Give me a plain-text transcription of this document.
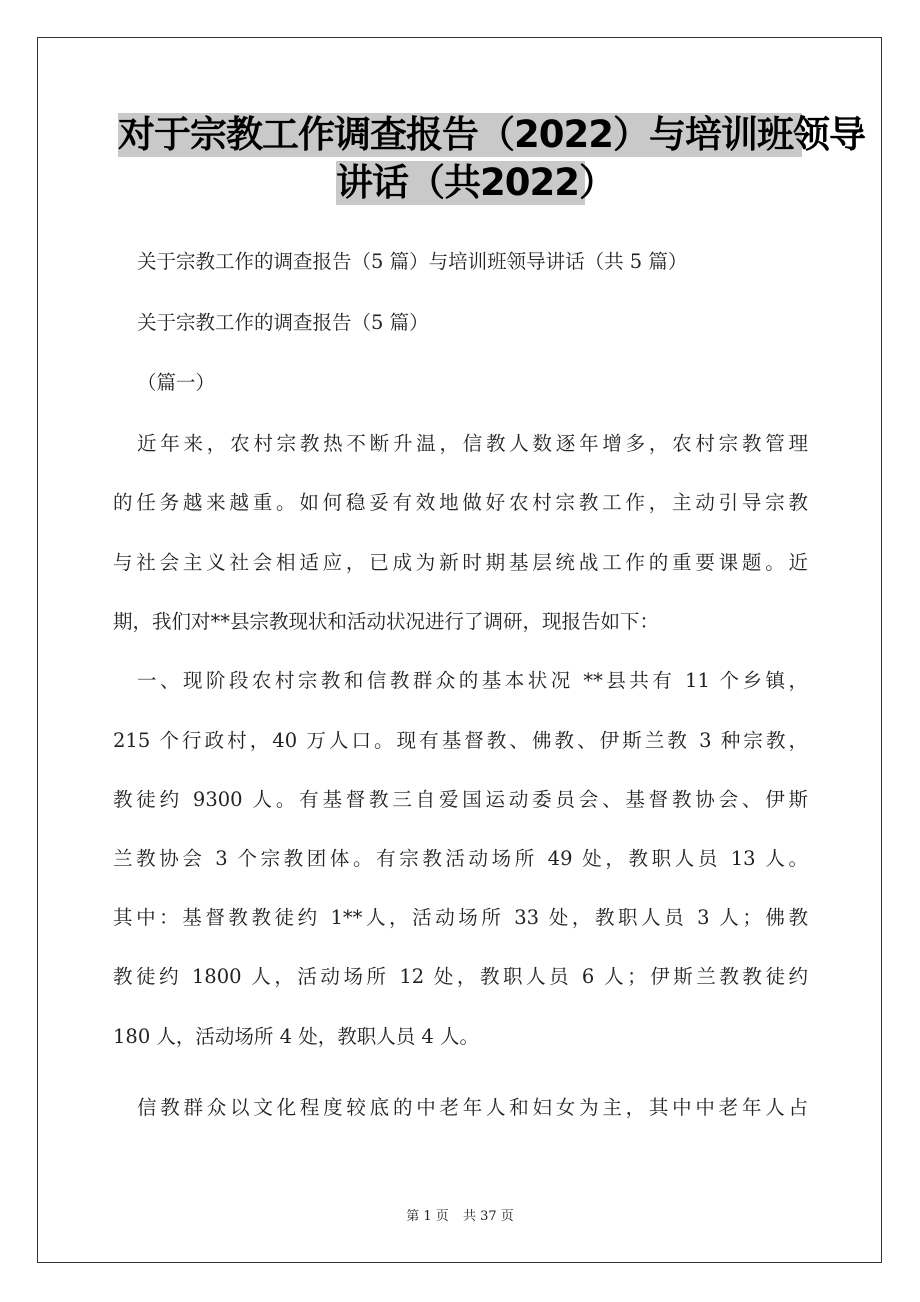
对于宗教工作调查报告（2022）与培训班领导
讲话（共2022）
关于宗教工作的调查报告（5 篇）与培训班领导讲话（共 5 篇）
关于宗教工作的调查报告（5 篇）
（篇一）
近年来，农村宗教热不断升温，信教人数逐年增多，农村宗教管理
的任务越来越重。如何稳妥有效地做好农村宗教工作，主动引导宗教
与社会主义社会相适应，已成为新时期基层统战工作的重要课题。近
期，我们对**县宗教现状和活动状况进行了调研，现报告如下：
一、现阶段农村宗教和信教群众的基本状况 **县共有 11 个乡镇，
215 个行政村，40 万人口。现有基督教、佛教、伊斯兰教 3 种宗教，
教徒约 9300 人。有基督教三自爱国运动委员会、基督教协会、伊斯
兰教协会 3 个宗教团体。有宗教活动场所 49 处，教职人员 13 人。
其中：基督教教徒约 1**人，活动场所 33 处，教职人员 3 人；佛教
教徒约 1800 人，活动场所 12 处，教职人员 6 人；伊斯兰教教徒约
180 人，活动场所 4 处，教职人员 4 人。
信教群众以文化程度较底的中老年人和妇女为主，其中中老年人占
第 1 页 共 37 页
